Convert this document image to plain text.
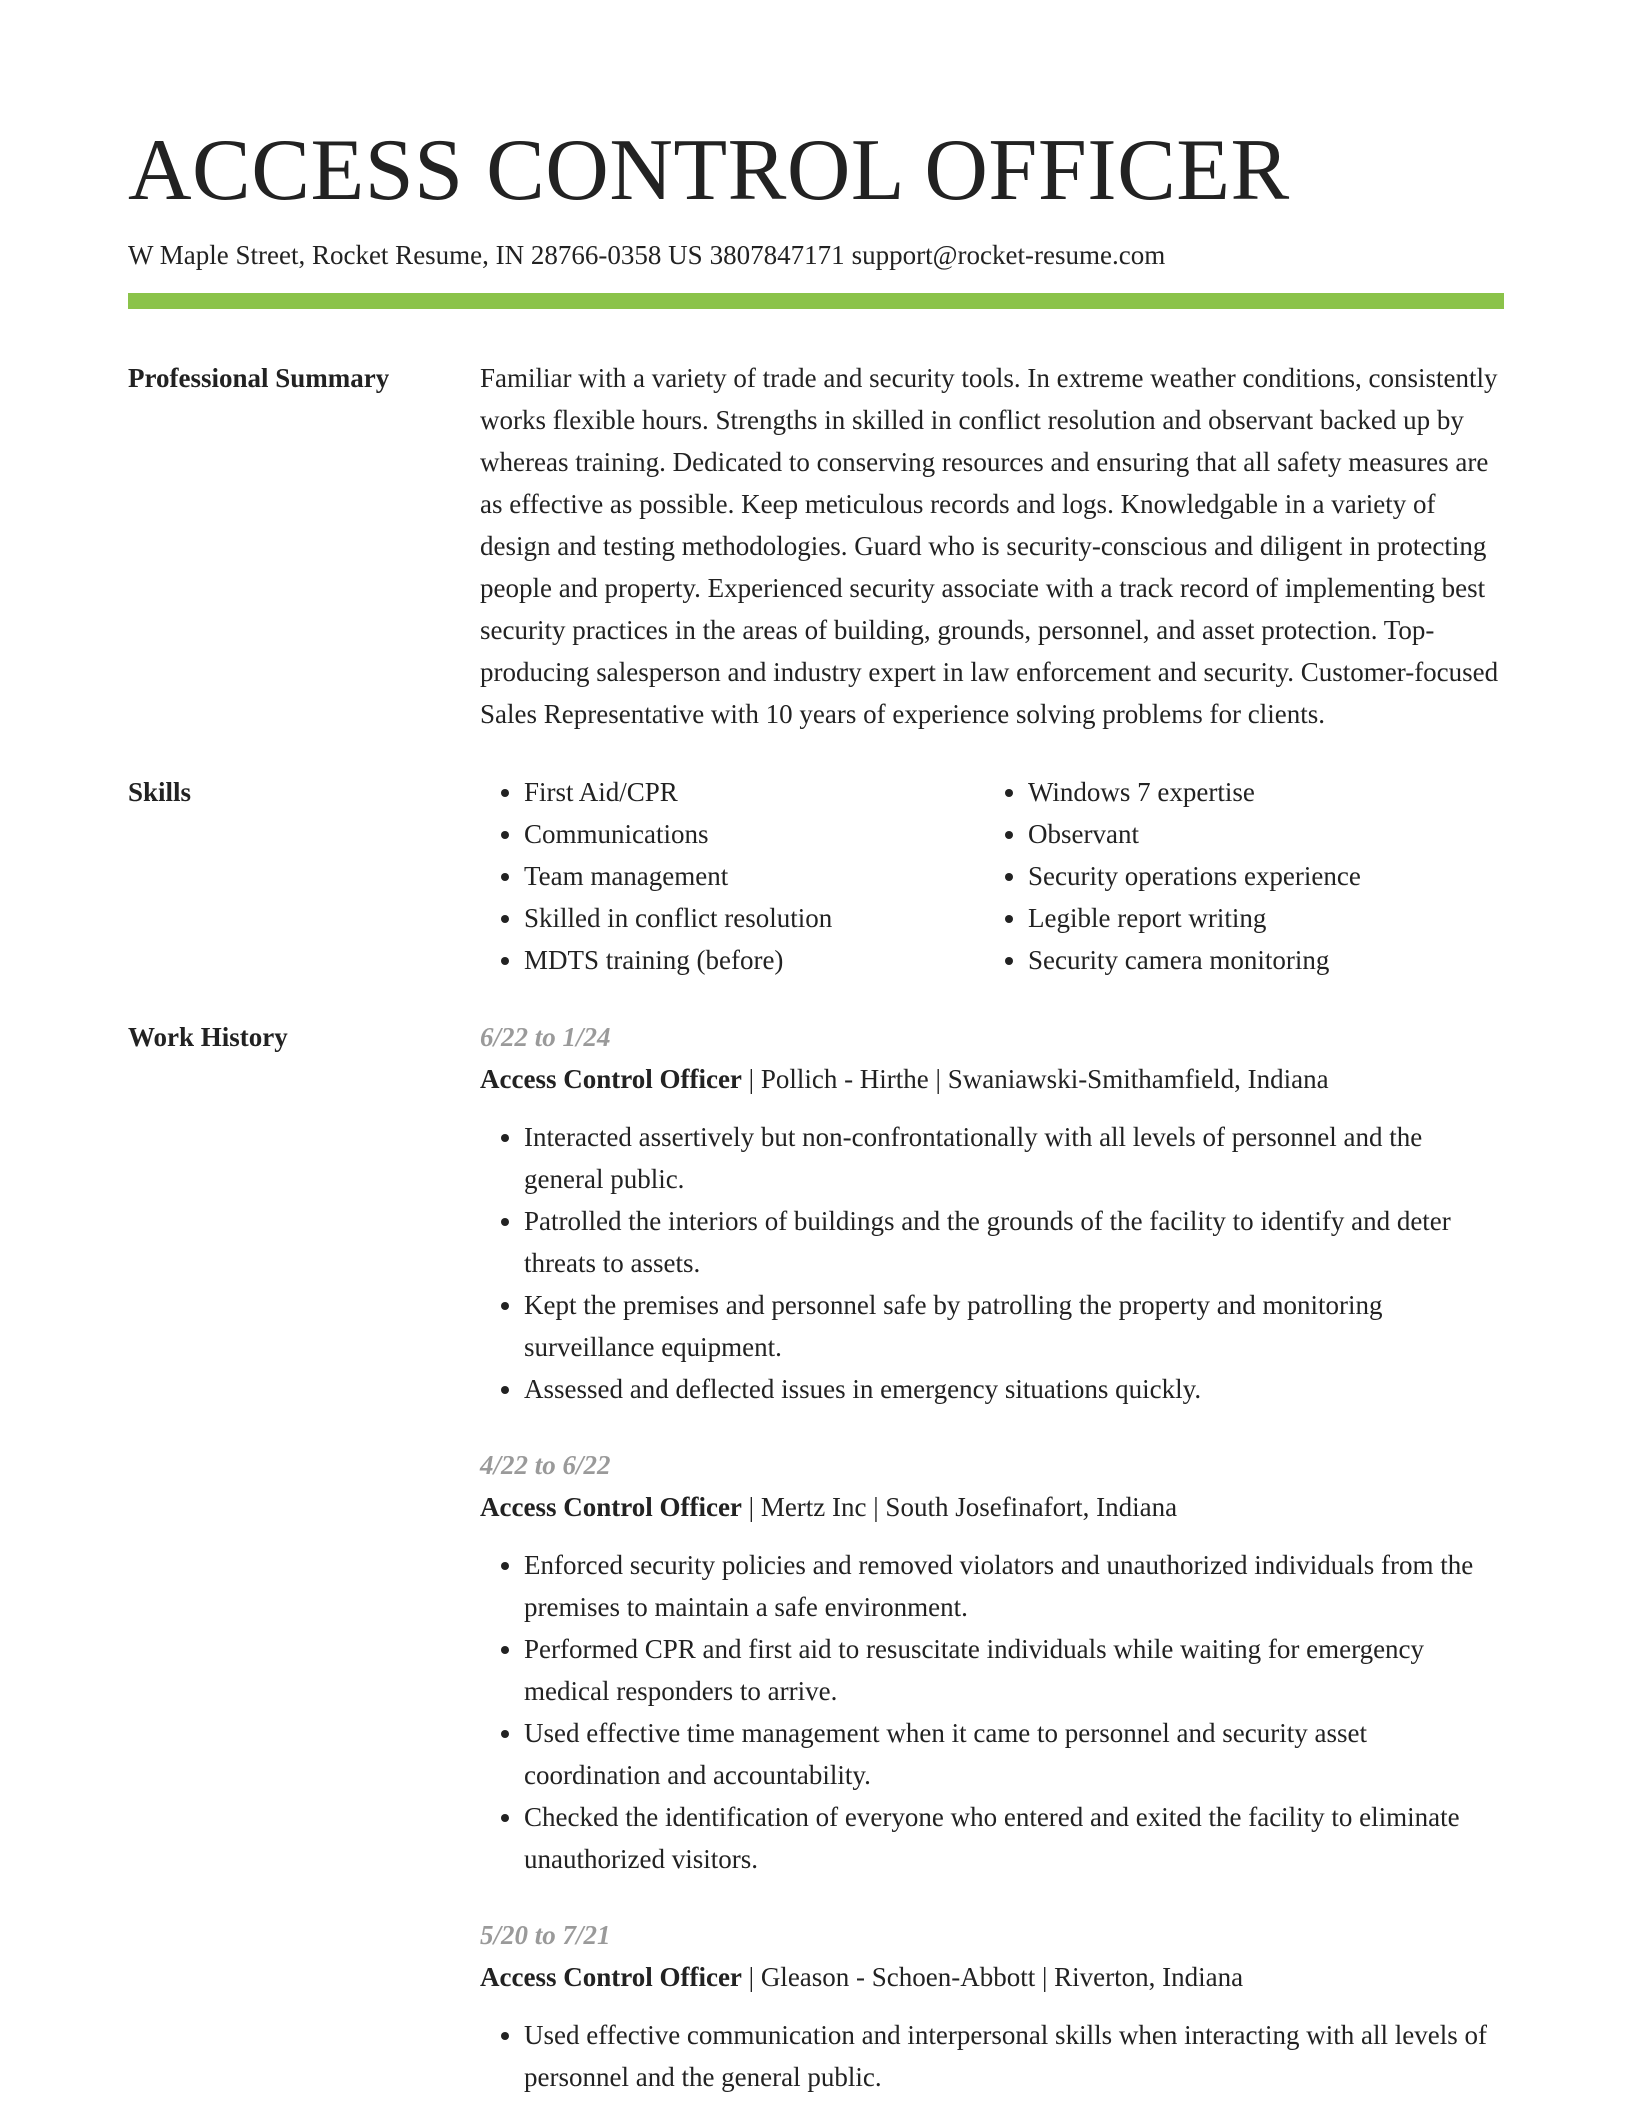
ACCESS CONTROL OFFICER
W Maple Street, Rocket Resume, IN 28766-0358 US 3807847171 support@rocket-resume.com
Professional Summary	Familiar with a variety of trade and security tools. In extreme weather conditions, consistently works flexible hours. Strengths in skilled in conflict resolution and observant backed up by whereas training. Dedicated to conserving resources and ensuring that all safety measures are as effective as possible. Keep meticulous records and logs. Knowledgable in a variety of design and testing methodologies. Guard who is security-conscious and diligent in protecting people and property. Experienced security associate with a track record of implementing best security practices in the areas of building, grounds, personnel, and asset protection. Top-producing salesperson and industry expert in law enforcement and security. Customer-focused Sales Representative with 10 years of experience solving problems for clients.

Skills
•	First Aid/CPR
• Communications
• Team management
• Skilled in conflict resolution
• MDTS training (before)
• Windows 7 expertise
• Observant
• Security operations experience
• Legible report writing
• Security camera monitoring
Work History	6/22 to 1/24
Access Control Officer | Pollich - Hirthe | Swaniawski-Smithamfield, Indiana
• Interacted assertively but non-confrontationally with all levels of personnel and the general public.
• Patrolled the interiors of buildings and the grounds of the facility to identify and deter threats to assets.
• Kept the premises and personnel safe by patrolling the property and monitoring surveillance equipment.
• Assessed and deflected issues in emergency situations quickly.
4/22 to 6/22
Access Control Officer | Mertz Inc | South Josefinafort, Indiana
• Enforced security policies and removed violators and unauthorized individuals from the premises to maintain a safe environment.
• Performed CPR and first aid to resuscitate individuals while waiting for emergency medical responders to arrive.
• Used effective time management when it came to personnel and security asset coordination and accountability.
• Checked the identification of everyone who entered and exited the facility to eliminate unauthorized visitors.
5/20 to 7/21
Access Control Officer | Gleason - Schoen-Abbott | Riverton, Indiana
• Used effective communication and interpersonal skills when interacting with all levels of personnel and the general public.
